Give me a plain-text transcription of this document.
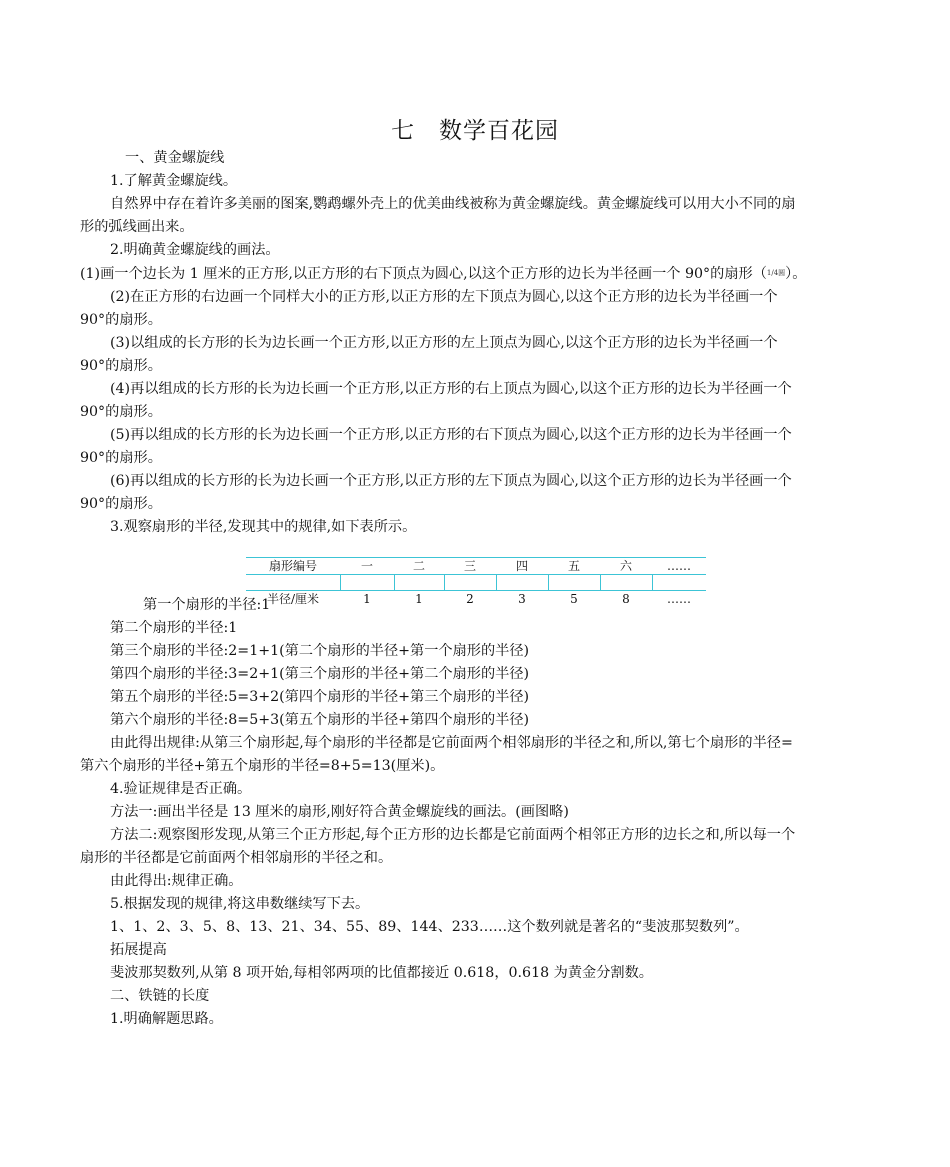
七　数学百花园
一、黄金螺旋线
1.了解黄金螺旋线。
自然界中存在着许多美丽的图案,鹦鹉螺外壳上的优美曲线被称为黄金螺旋线。黄金螺旋线可以用大小不同的扇
形的弧线画出来。
2.明确黄金螺旋线的画法。
(1)画一个边长为 1 厘米的正方形,以正方形的右下顶点为圆心,以这个正方形的边长为半径画一个 90°的扇形（1/4圆）。
(2)在正方形的右边画一个同样大小的正方形,以正方形的左下顶点为圆心,以这个正方形的边长为半径画一个
90°的扇形。
(3)以组成的长方形的长为边长画一个正方形,以正方形的左上顶点为圆心,以这个正方形的边长为半径画一个
90°的扇形。
(4)再以组成的长方形的长为边长画一个正方形,以正方形的右上顶点为圆心,以这个正方形的边长为半径画一个
90°的扇形。
(5)再以组成的长方形的长为边长画一个正方形,以正方形的右下顶点为圆心,以这个正方形的边长为半径画一个
90°的扇形。
(6)再以组成的长方形的长为边长画一个正方形,以正方形的左下顶点为圆心,以这个正方形的边长为半径画一个
90°的扇形。
3.观察扇形的半径,发现其中的规律,如下表所示。
扇形编号	一	二	三	四	五	六	……
半径/厘米	1	1	2	3	5	8	……
第一个扇形的半径:1
第二个扇形的半径:1
第三个扇形的半径:2=1+1(第二个扇形的半径+第一个扇形的半径)
第四个扇形的半径:3=2+1(第三个扇形的半径+第二个扇形的半径)
第五个扇形的半径:5=3+2(第四个扇形的半径+第三个扇形的半径)
第六个扇形的半径:8=5+3(第五个扇形的半径+第四个扇形的半径)
由此得出规律:从第三个扇形起,每个扇形的半径都是它前面两个相邻扇形的半径之和,所以,第七个扇形的半径=
第六个扇形的半径+第五个扇形的半径=8+5=13(厘米)。
4.验证规律是否正确。
方法一:画出半径是 13 厘米的扇形,刚好符合黄金螺旋线的画法。(画图略)
方法二:观察图形发现,从第三个正方形起,每个正方形的边长都是它前面两个相邻正方形的边长之和,所以每一个
扇形的半径都是它前面两个相邻扇形的半径之和。
由此得出:规律正确。
5.根据发现的规律,将这串数继续写下去。
1、1、2、3、5、8、13、21、34、55、89、144、233……这个数列就是著名的“斐波那契数列”。
拓展提高
斐波那契数列,从第 8 项开始,每相邻两项的比值都接近 0.618，0.618 为黄金分割数。
二、铁链的长度
1.明确解题思路。
